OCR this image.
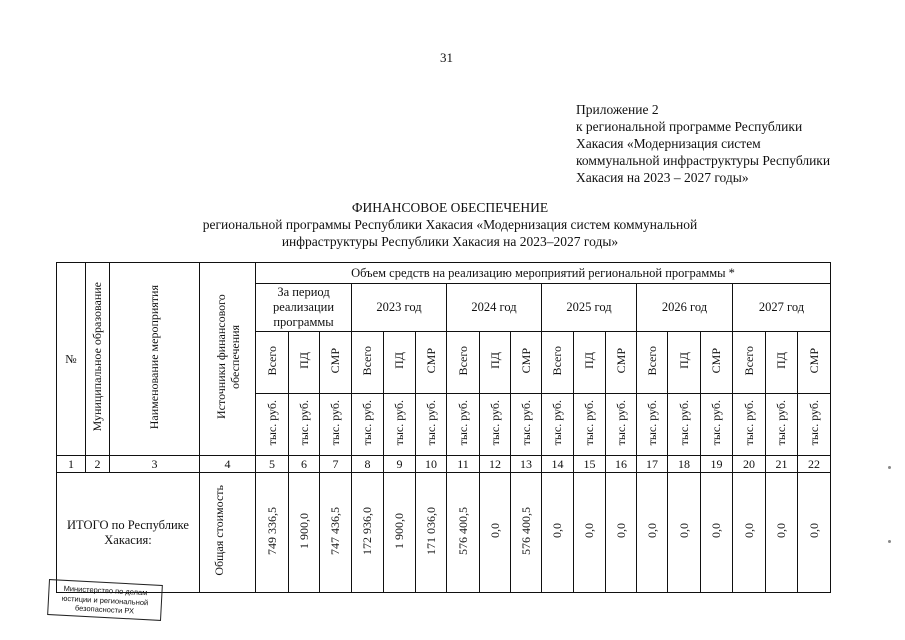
31
Приложение 2
к региональной программе Республики
Хакасия «Модернизация систем
коммунальной инфраструктуры Республики
Хакасия на 2023 – 2027 годы»
ФИНАНСОВОЕ ОБЕСПЕЧЕНИЕ
региональной программы Республики Хакасия «Модернизация систем коммунальной
инфраструктуры Республики Хакасия на 2023–2027 годы»
№	Муниципальное образование	Наименование мероприятия	Источники финансового обеспечения	Объем средств на реализацию мероприятий региональной программы *																	
				За период реализации программы			2023 год			2024 год			2025 год			2026 год			2027 год		
				Всего	ПД	СМР	Всего	ПД	СМР	Всего	ПД	СМР	Всего	ПД	СМР	Всего	ПД	СМР	Всего	ПД	СМР
				тыс. руб.	тыс. руб.	тыс. руб.	тыс. руб.	тыс. руб.	тыс. руб.	тыс. руб.	тыс. руб.	тыс. руб.	тыс. руб.	тыс. руб.	тыс. руб.	тыс. руб.	тыс. руб.	тыс. руб.	тыс. руб.	тыс. руб.	тыс. руб.
1	2	3	4	5	6	7	8	9	10	11	12	13	14	15	16	17	18	19	20	21	22
ИТОГО по Республике Хакасия:			Общая стоимость	749 336,5	1 900,0	747 436,5	172 936,0	1 900,0	171 036,0	576 400,5	0,0	576 400,5	0,0	0,0	0,0	0,0	0,0	0,0	0,0	0,0	0,0
Министерство по делам
юстиции и региональной
безопасности РХ
